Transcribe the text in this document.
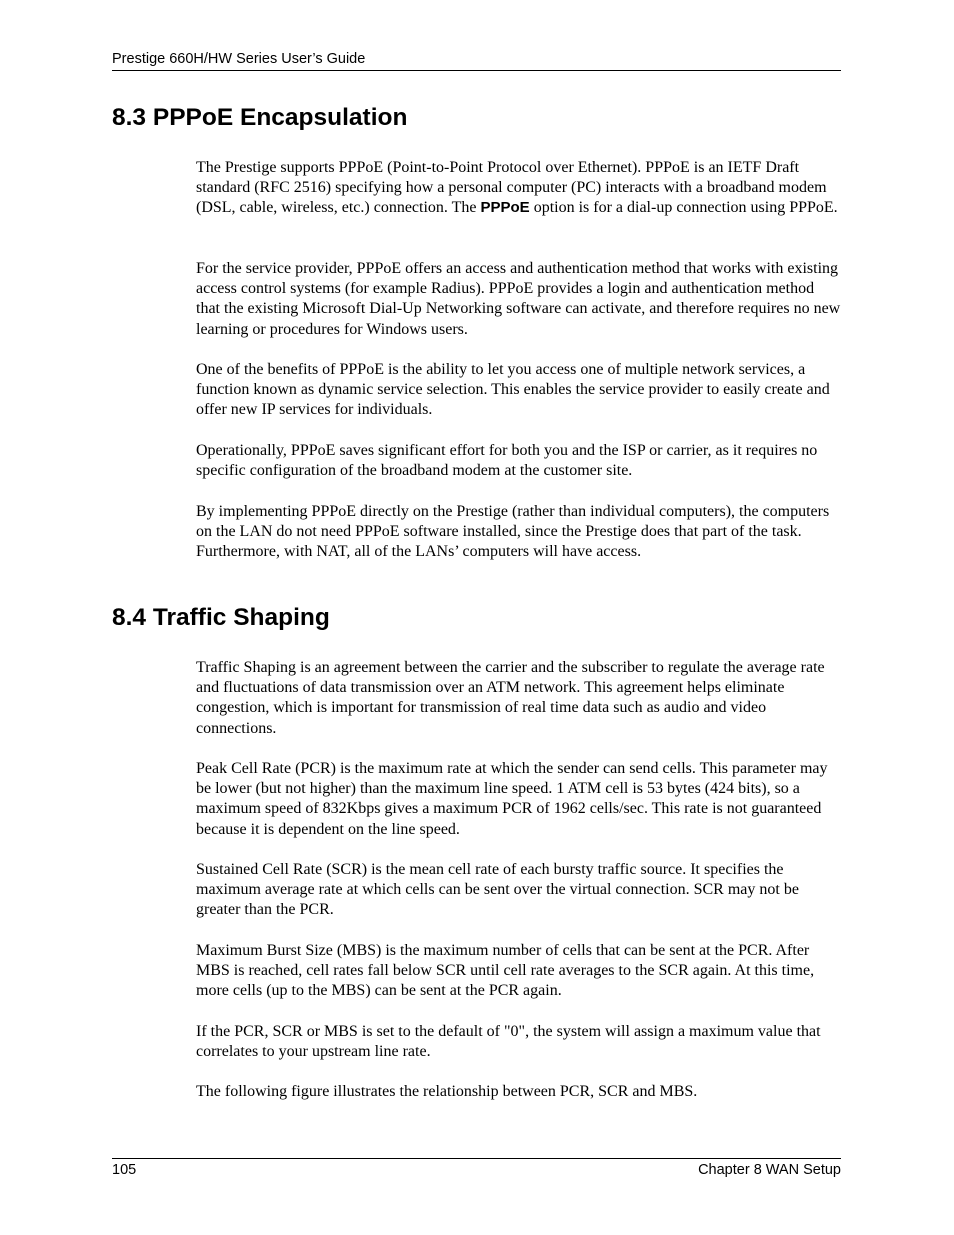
Prestige 660H/HW Series User’s Guide
8.3 PPPoE Encapsulation

The Prestige supports PPPoE (Point-to-Point Protocol over Ethernet). PPPoE is an IETF Draft standard (RFC 2516) specifying how a personal computer (PC) interacts with a broadband modem (DSL, cable, wireless, etc.) connection. The PPPoE option is for a dial-up connection using PPPoE.

For the service provider, PPPoE offers an access and authentication method that works with existing access control systems (for example Radius). PPPoE provides a login and authentication method that the existing Microsoft Dial-Up Networking software can activate, and therefore requires no new learning or procedures for Windows users.

One of the benefits of PPPoE is the ability to let you access one of multiple network services, a function known as dynamic service selection. This enables the service provider to easily create and offer new IP services for individuals.

Operationally, PPPoE saves significant effort for both you and the ISP or carrier, as it requires no specific configuration of the broadband modem at the customer site.

By implementing PPPoE directly on the Prestige (rather than individual computers), the computers on the LAN do not need PPPoE software installed, since the Prestige does that part of the task. Furthermore, with NAT, all of the LANs’ computers will have access.

8.4 Traffic Shaping

Traffic Shaping is an agreement between the carrier and the subscriber to regulate the average rate and fluctuations of data transmission over an ATM network. This agreement helps eliminate congestion, which is important for transmission of real time data such as audio and video connections.

Peak Cell Rate (PCR) is the maximum rate at which the sender can send cells. This parameter may be lower (but not higher) than the maximum line speed. 1 ATM cell is 53 bytes (424 bits), so a maximum speed of 832Kbps gives a maximum PCR of 1962 cells/sec. This rate is not guaranteed because it is dependent on the line speed.

Sustained Cell Rate (SCR) is the mean cell rate of each bursty traffic source. It specifies the maximum average rate at which cells can be sent over the virtual connection. SCR may not be greater than the PCR.

Maximum Burst Size (MBS) is the maximum number of cells that can be sent at the PCR. After MBS is reached, cell rates fall below SCR until cell rate averages to the SCR again. At this time, more cells (up to the MBS) can be sent at the PCR again.

If the PCR, SCR or MBS is set to the default of "0", the system will assign a maximum value that correlates to your upstream line rate.

The following figure illustrates the relationship between PCR, SCR and MBS.

105	Chapter 8 WAN Setup
